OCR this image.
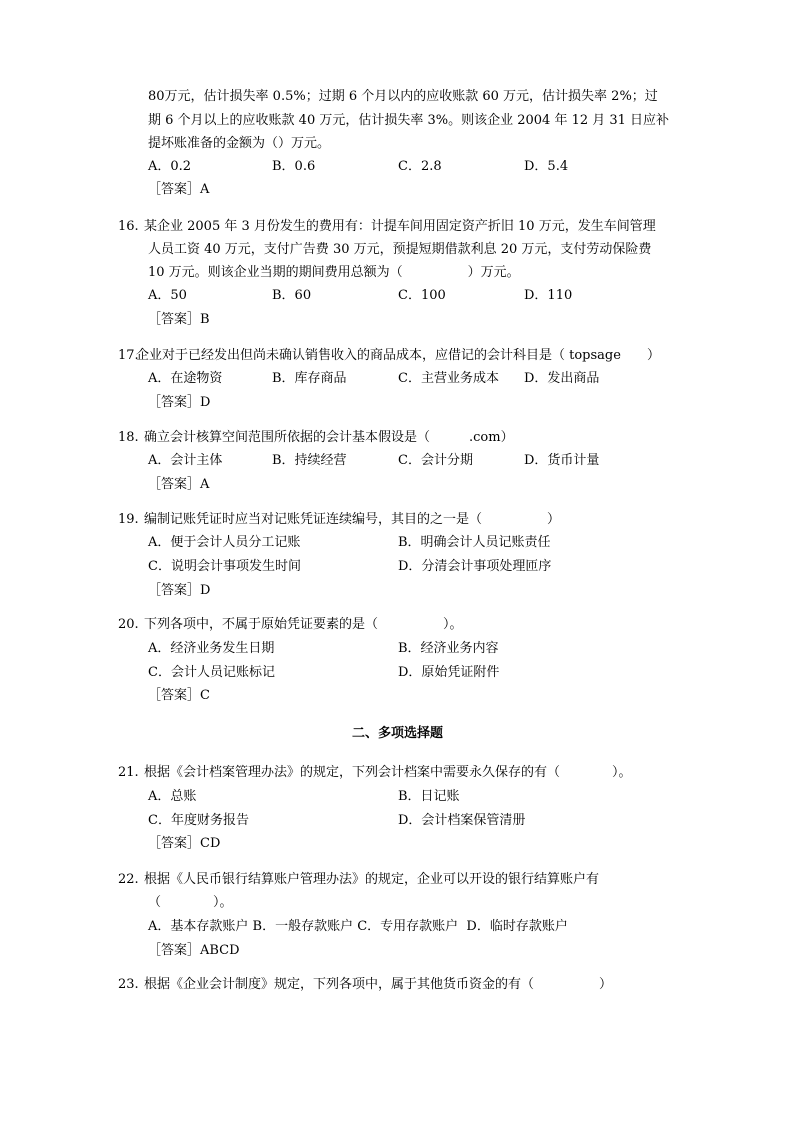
80万元，估计损失率 0.5%；过期 6 个月以内的应收账款 60 万元，估计损失率 2%；过
期 6 个月以上的应收账款 40 万元，估计损失率 3%。则该企业 2004 年 12 月 31 日应补
提坏账准备的金额为（）万元。
A．0.2	B．0.6	C．2.8	D．5.4
［答案］A
16. 某企业 2005 年 3 月份发生的费用有：计提车间用固定资产折旧 10 万元，发生车间管理
人员工资 40 万元，支付广告费 30 万元，预提短期借款利息 20 万元，支付劳动保险费
10 万元。则该企业当期的期间费用总额为（　　　　　）万元。
A．50	B．60	C．100	D．110
［答案］B
17.
企业对于已经发出但尚未确认销售收入的商品成本，应借记的会计科目是（ topsage　　）
A．在途物资	B．库存商品	C．主营业务成本 D．发出商品
［答案］D
18. 确立会计核算空间范围所依据的会计基本假设是（　　　.com）
A．会计主体	B．持续经营	C．会计分期	D．货币计量
［答案］A
19. 编制记账凭证时应当对记账凭证连续编号，其目的之一是（　　　　　）
A．便于会计人员分工记账	B．明确会计人员记账责任
C．说明会计事项发生时间	D．分清会计事项处理匝序
［答案］D
20. 下列各项中，不属于原始凭证要素的是（　　　　　）。
A．经济业务发生日期	B．经济业务内容
C．会计人员记账标记	D．原始凭证附件
［答案］C
二、多项选择题
21. 根据《会计档案管理办法》的规定，下列会计档案中需要永久保存的有（　　　　）。
A．总账	B．日记账
C．年度财务报告	D．会计档案保管清册
［答案］CD
22. 根据《人民币银行结算账户管理办法》的规定，企业可以开设的银行结算账户有
（　　　　）。
A．基本存款账户 B．一般存款账户 C．专用存款账户  D．临时存款账户
［答案］ABCD
23. 根据《企业会计制度》规定，下列各项中，属于其他货币资金的有（　　　　　）
